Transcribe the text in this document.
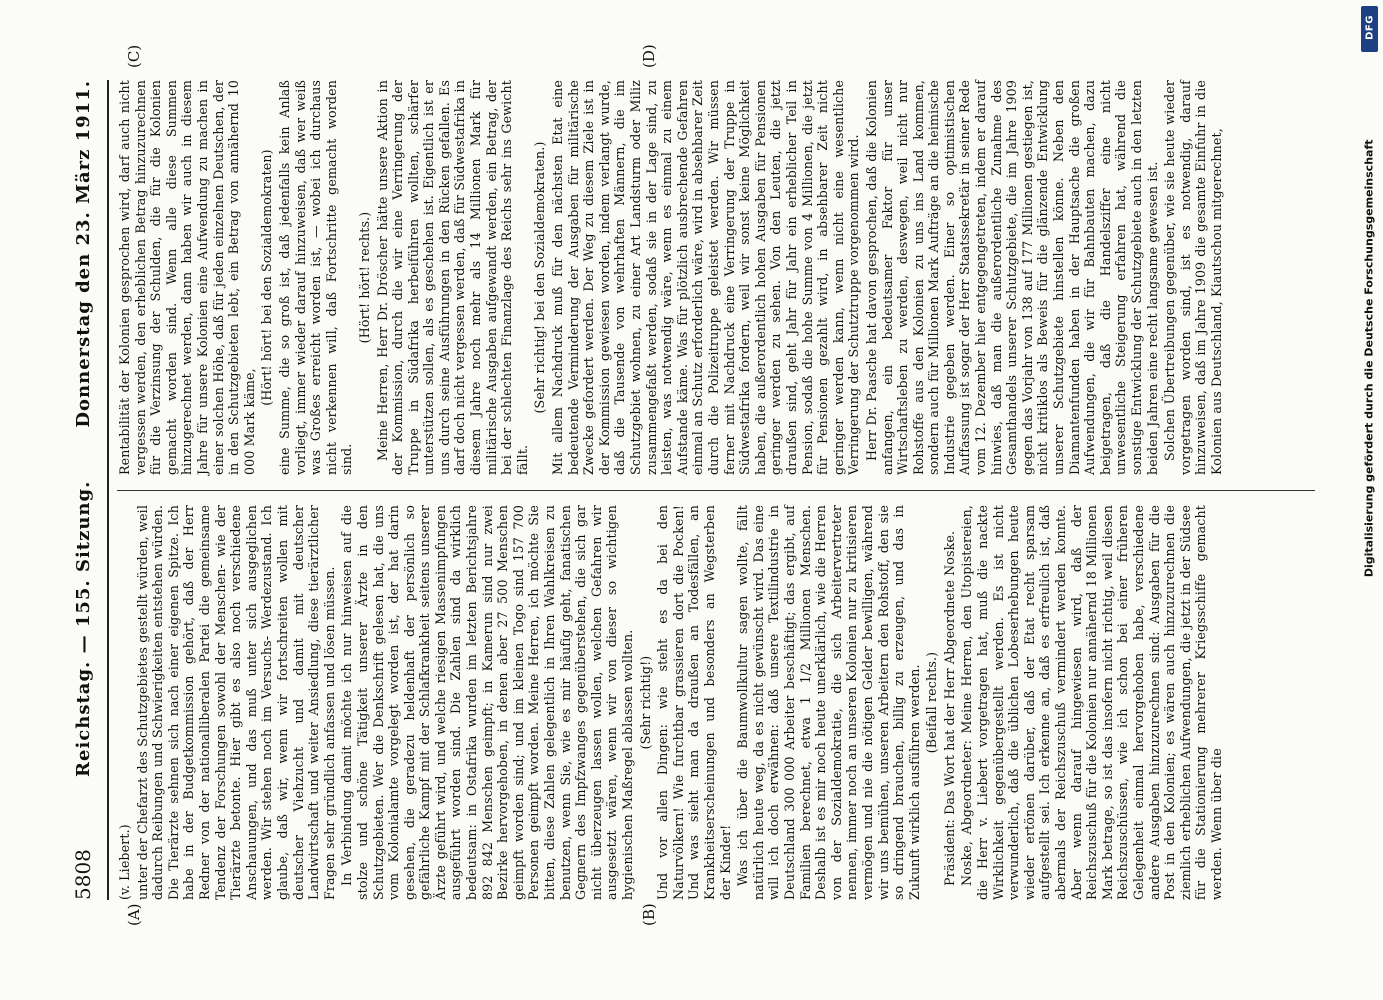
5808
Reichstag. — 155. Sitzung.
Donnerstag den 23. März 1911.
(A)	(B)
(C)	(D)

(v. Liebert.) unter der Chefarzt des Schutzgebietes gestellt würden, weil dadurch Reibungen und Schwierigkeiten entstehen würden. Die Tierärzte sehnen sich nach einer eigenen Spitze. Ich habe in der Budgetkommission gehört, daß der Herr Redner von der nationalliberalen Partei die gemeinsame Tendenz der Forschungen sowohl der Menschen- wie der Tierärzte betonte. Hier gibt es also noch verschiedene Anschauungen, und das muß unter sich ausgeglichen werden. Wir stehen noch im Versuchs- Werdezustand. Ich glaube, daß wir, wenn wir fortschreiten wollen mit deutscher Viehzucht und damit mit deutscher Landwirtschaft und weiter Ansiedlung, diese tierärztlicher Fragen sehr gründlich anfassen und lösen müssen. In Verbindung damit möchte ich nur hinweisen auf die stolze und schöne Tätigkeit unserer Ärzte in den Schutzgebieten. Wer die Denkschrift gelesen hat, die uns vom Kolonialamte vorgelegt worden ist, der hat darin gesehen, die geradezu heldenhaft der persönlich so gefährliche Kampf mit der Schlafkrankheit seitens unserer Ärzte geführt wird, und welche riesigen Massenimpfungen ausgeführt worden sind. Die Zahlen sind da wirklich bedeutsam: in Ostafrika wurden im letzten Berichtsjahre 892 842 Menschen geimpft; in Kamerun sind nur zwei Bezirke hervorgehoben, in denen aber 27 500 Menschen geimpft worden sind; und im kleinen Togo sind 157 700 Personen geimpft worden. Meine Herren, ich möchte Sie bitten, diese Zahlen gelegentlich in Ihren Wahlkreisen zu benutzen, wenn Sie, wie es mir häufig geht, fanatischen Gegnern des Impfzwanges gegenüberstehen, die sich gar nicht überzeugen lassen wollen, welchen Gefahren wir ausgesetzt wären, wenn wir von dieser so wichtigen hygienischen Maßregel ablassen wollten. (Sehr richtig!) Und vor allen Dingen: wie steht es da bei den Naturvölkern! Wie furchtbar grassieren dort die Pocken! Und was sieht man da draußen an Todesfällen, an Krankheitserscheinungen und besonders an Wegsterben der Kinder! Was ich über die Baumwollkultur sagen wollte, fällt natürlich heute weg, da es nicht gewünscht wird. Das eine will ich doch erwähnen: daß unsere Textilindustrie in Deutschland 300 000 Arbeiter beschäftigt; das ergibt, auf Familien berechnet, etwa 1 1/2 Millionen Menschen. Deshalb ist es mir noch heute unerklärlich, wie die Herren von der Sozialdemokratie, die sich Arbeitervertreter nennen, immer noch an unseren Kolonien nur zu kritisieren vermögen und nie die nötigen Gelder bewilligen, während wir uns bemühen, unseren Arbeitern den Rohstoff, den sie so dringend brauchen, billig zu erzeugen, und das in Zukunft wirklich ausführen werden. (Beifall rechts.) Präsident: Das Wort hat der Herr Abgeordnete Noske. Noske, Abgeordneter: Meine Herren, den Utopistereien, die Herr v. Liebert vorgetragen hat, muß die nackte Wirklichkeit gegenübergestellt werden. Es ist nicht verwunderlich, daß die üblichen Lobeserhebungen heute wieder ertönen darüber, daß der Etat recht sparsam aufgestellt sei. Ich erkenne an, daß es erfreulich ist, daß abermals der Reichszuschuß vermindert werden konnte. Aber wenn darauf hingewiesen wird, daß der Reichszuschuß für die Kolonien nur annähernd 18 Millionen Mark betrage, so ist das insofern nicht richtig, weil diesen Reichszuschüssen, wie ich schon bei einer früheren Gelegenheit einmal hervorgehoben habe, verschiedene andere Ausgaben hinzuzurechnen sind: Ausgaben für die Post in den Kolonien; es wären auch hinzuzurechnen die ziemlich erheblichen Aufwendungen, die jetzt in der Südsee für die Stationierung mehrerer Kriegsschiffe gemacht werden. Wenn über die

Rentabilität der Kolonien gesprochen wird, darf auch nicht vergessen werden, den erheblichen Betrag hinzuzurechnen für die Verzinsung der Schulden, die für die Kolonien gemacht worden sind. Wenn alle diese Summen hinzugerechnet werden, dann haben wir auch in diesem Jahre für unsere Kolonien eine Aufwendung zu machen in einer solchen Höhe, daß für jeden einzelnen Deutschen, der in den Schutzgebieten lebt, ein Betrag von annähernd 10 000 Mark käme,

(Hört! hört! bei den Sozialdemokraten) eine Summe, die so groß ist, daß jedenfalls kein Anlaß vorliegt, immer wieder darauf hinzuweisen, daß wer weiß was Großes erreicht worden ist, — wobei ich durchaus nicht verkennen will, daß Fortschritte gemacht worden sind.

(Hört! hört! rechts.) Meine Herren, Herr Dr. Dröscher hätte unsere Aktion in der Kommission, durch die wir eine Verringerung der Truppe in Südafrika herbeiführen wollten, schärfer unterstützen sollen, als es geschehen ist. Eigentlich ist er uns durch seine Ausführungen in den Rücken gefallen. Es darf doch nicht vergessen werden, daß für Südwestafrika in diesem Jahre noch mehr als 14 Millionen Mark für militärische Ausgaben aufgewandt werden, ein Betrag, der bei der schlechten Finanzlage des Reichs sehr ins Gewicht fällt.

(Sehr richtig! bei den Sozialdemokraten.) Mit allem Nachdruck muß für den nächsten Etat eine bedeutende Verminderung der Ausgaben für militärische Zwecke gefordert werden. Der Weg zu diesem Ziele ist in der Kommission gewiesen worden, indem verlangt wurde, daß die Tausende von wehrhaften Männern, die im Schutzgebiet wohnen, zu einer Art Landsturm oder Miliz zusammengefaßt werden, sodaß sie in der Lage sind, zu leisten, was notwendig wäre, wenn es einmal zu einem Aufstande käme. Was für plötzlich ausbrechende Gefahren einmal an Schutz erforderlich wäre, wird in absehbarer Zeit durch die Polizeitruppe geleistet werden. Wir müssen ferner mit Nachdruck eine Verringerung der Truppe in Südwestafrika fordern, weil wir sonst keine Möglichkeit haben, die außerordentlich hohen Ausgaben für Pensionen geringer werden zu sehen. Von den Leuten, die jetzt draußen sind, geht Jahr für Jahr ein erheblicher Teil in Pension, sodaß die hohe Summe von 4 Millionen, die jetzt für Pensionen gezahlt wird, in absehbarer Zeit nicht geringer werden kann, wenn nicht eine wesentliche Verringerung der Schutztruppe vorgenommen wird. Herr Dr. Paasche hat davon gesprochen, daß die Kolonien anfangen, ein bedeutsamer Faktor für unser Wirtschaftsleben zu werden, deswegen, weil nicht nur Rohstoffe aus den Kolonien zu uns ins Land kommen, sondern auch für Millionen Mark Aufträge an die heimische Industrie gegeben werden. Einer so optimistischen Auffassung ist sogar der Herr Staatssekretär in seiner Rede vom 12. Dezember hier entgegengetreten, indem er darauf hinwies, daß man die außerordentliche Zunahme des Gesamthandels unserer Schutzgebiete, die im Jahre 1909 gegen das Vorjahr von 138 auf 177 Millionen gestiegen ist, nicht kritiklos als Beweis für die glänzende Entwicklung unserer Schutzgebiete hinstellen könne. Neben den Diamantenfunden haben in der Hauptsache die großen Aufwendungen, die wir für Bahnbauten machen, dazu beigetragen, daß die Handelsziffer eine nicht unwesentliche Steigerung erfahren hat, während die sonstige Entwicklung der Schutzgebiete auch in den letzten beiden Jahren eine recht langsame gewesen ist. Solchen Übertreibungen gegenüber, wie sie heute wieder vorgetragen worden sind, ist es notwendig, darauf hinzuweisen, daß im Jahre 1909 die gesamte Einfuhr in die Kolonien aus Deutschland, Kiautschou mitgerechnet,

DFG
Digitalisierung gefördert durch die Deutsche Forschungsgemeinschaft
